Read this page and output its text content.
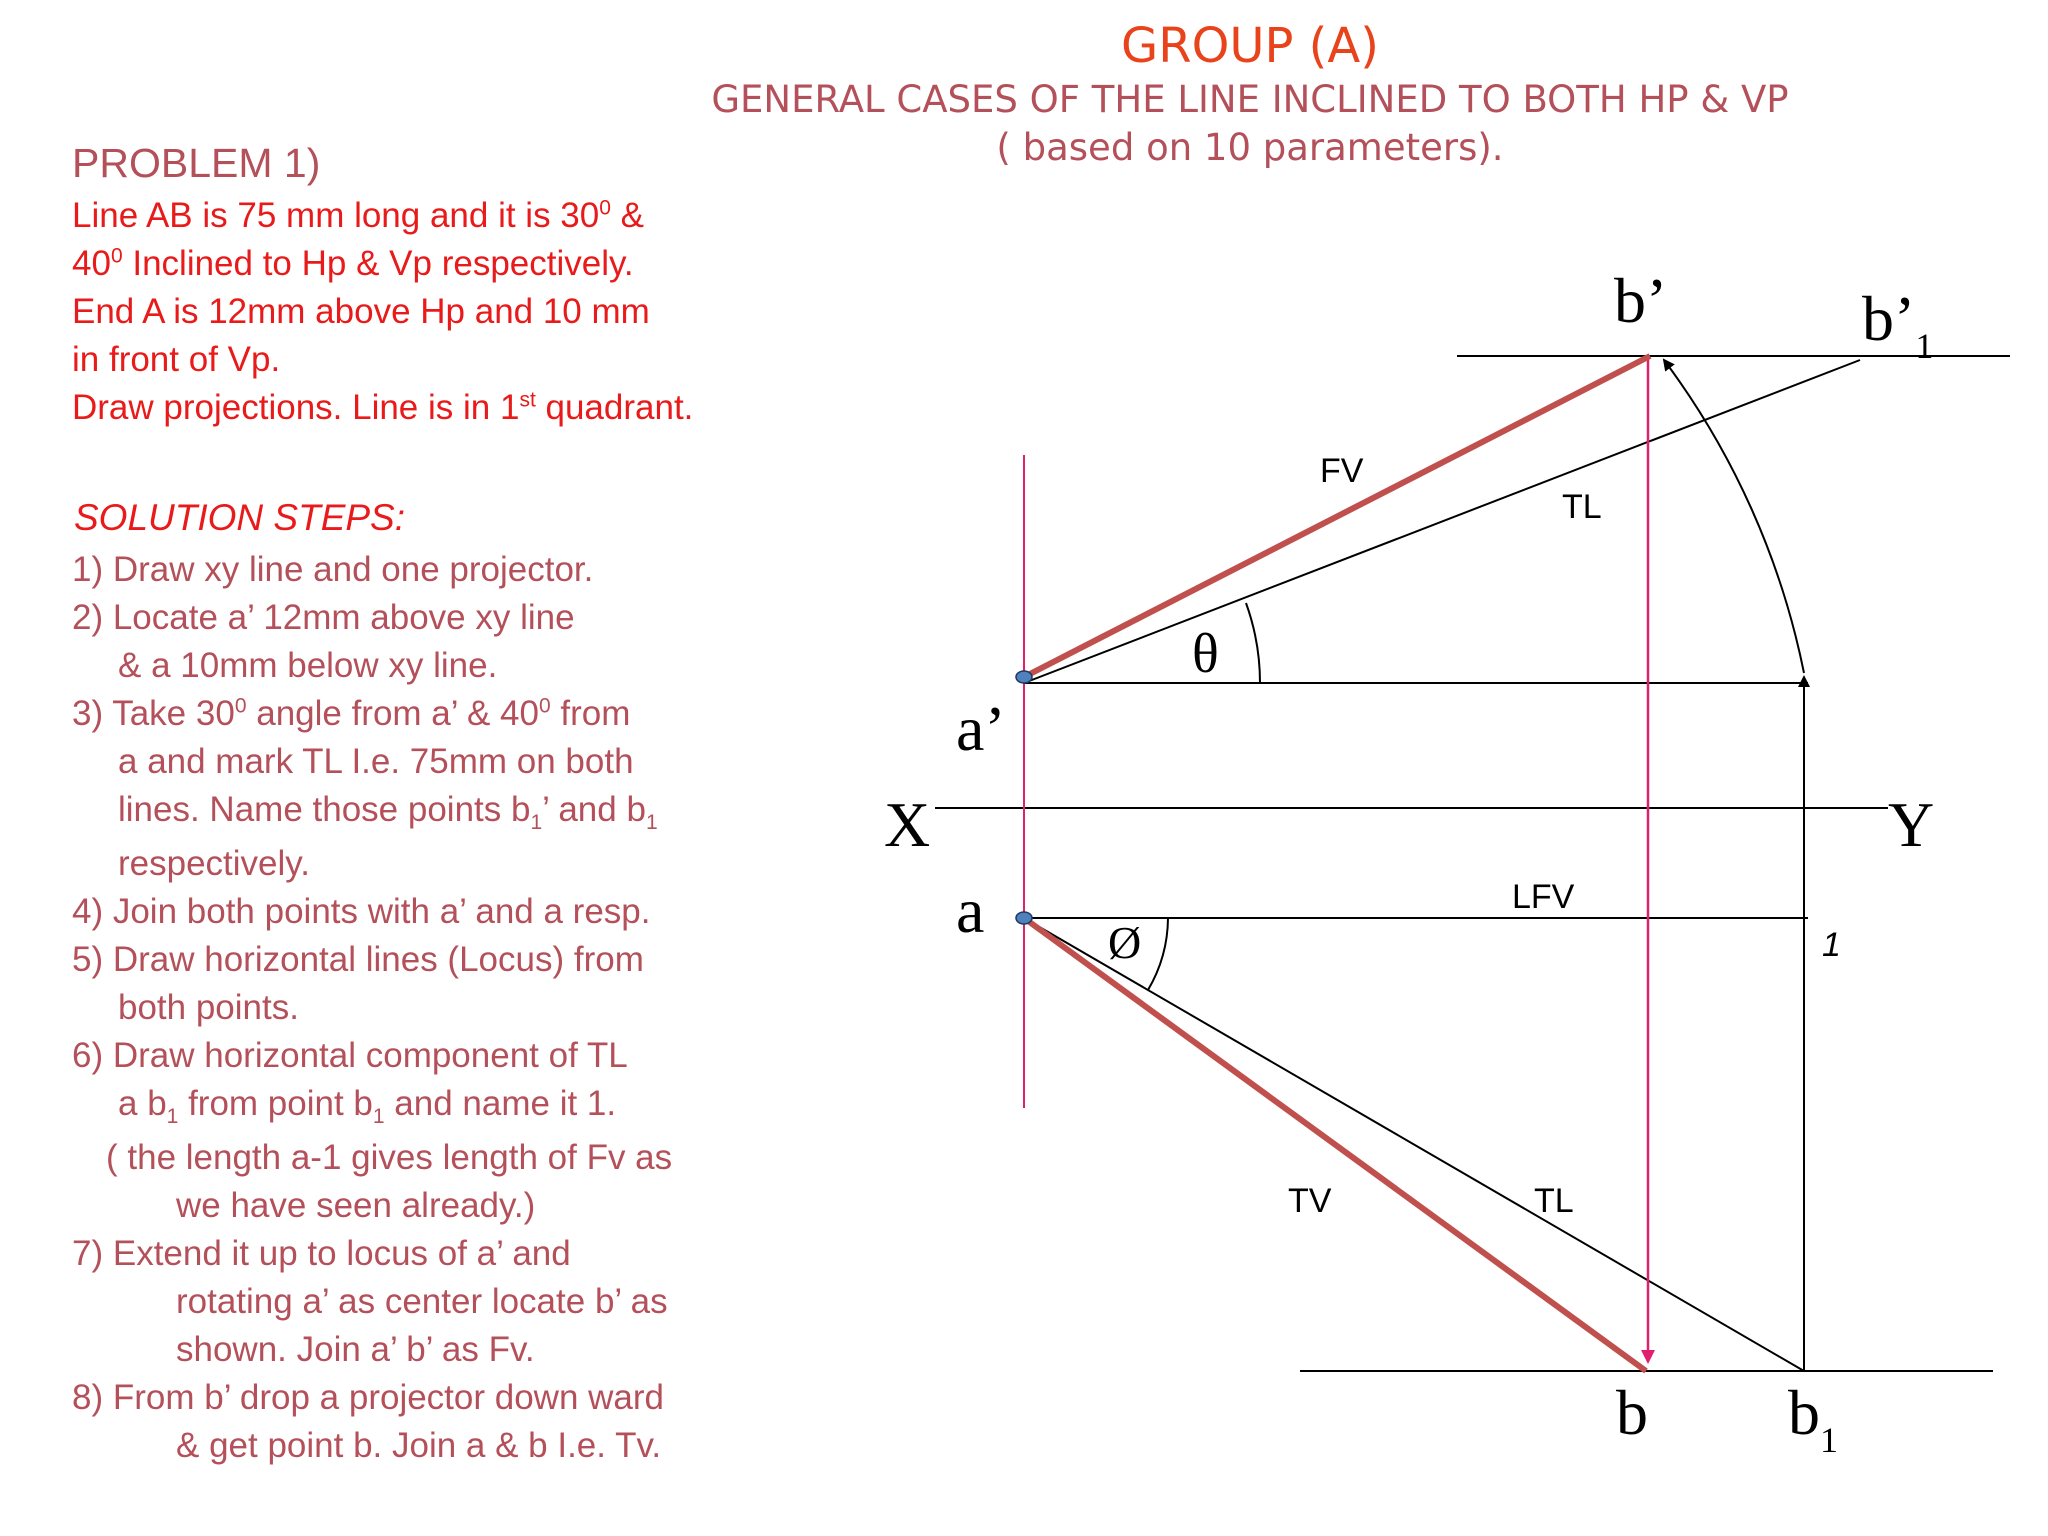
GROUP (A)
GENERAL CASES OF THE LINE INCLINED TO BOTH HP & VP
( based on 10 parameters).
PROBLEM 1)
Line AB is 75 mm long and it is $30^0$ &
$40^0$ Inclined to Hp & Vp respectively.
End A is 12mm above Hp and 10 mm
in front of Vp.
Draw projections. Line is in 1st quadrant.
SOLUTION STEPS:
1) Draw xy line and one projector.
2) Locate a’ 12mm above xy line
& a 10mm below xy line.
3) Take $30^0$ angle from a’ & $40^0$ from
a and mark TL I.e. 75mm on both
lines. Name those points $b_1$’ and $b_1$
respectively.
4) Join both points with a’ and a resp.
5) Draw horizontal lines (Locus) from
both points.
6) Draw horizontal component of TL
a $b_1$ from point $b_1$ and name it 1.
( the length a-1 gives length of Fv as
we have seen already.)
7) Extend it up to locus of a’ and
rotating a’ as center locate b’ as
shown. Join a’ b’ as Fv.
8) From b’ drop a projector down ward
& get point b. Join a & b I.e. Tv.
X	Y
a’
a
b’	$b’_1$
b $b_1$
FV
TL
TV	TL
LFV
1
θ
Ø
